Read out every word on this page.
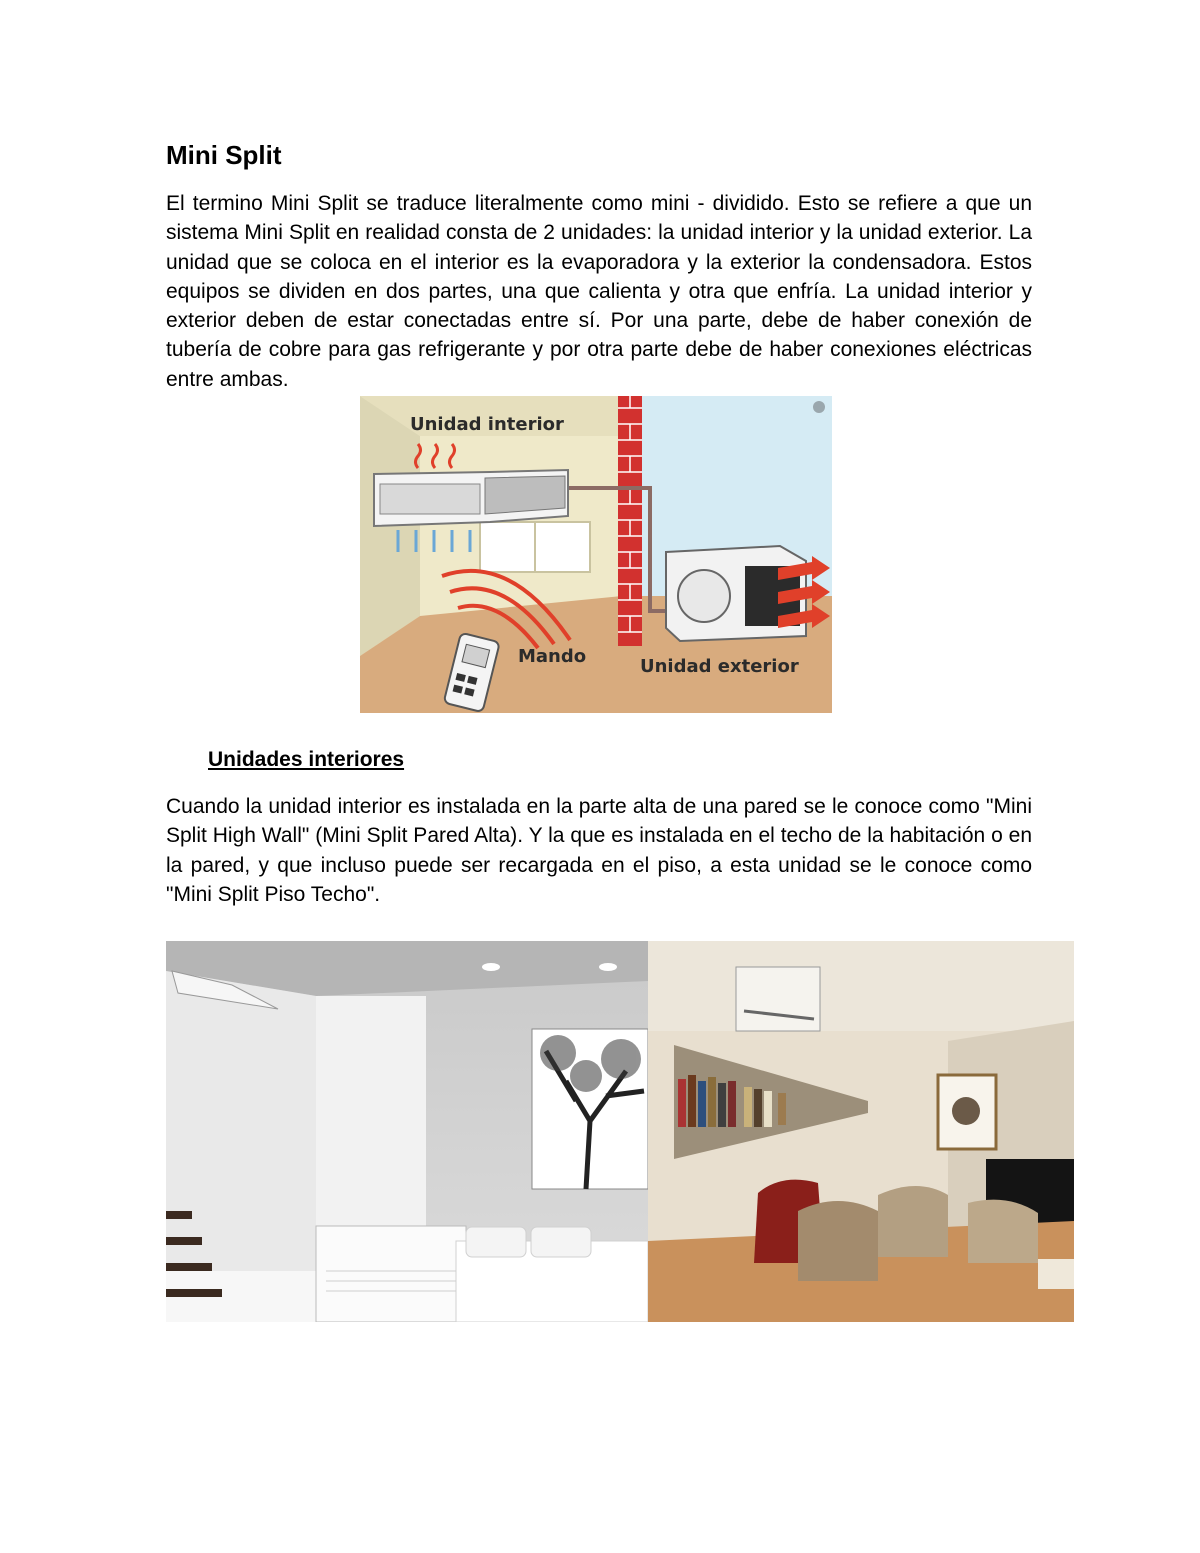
Mini Split

El termino Mini Split se traduce literalmente como mini - dividido. Esto se refiere a que un sistema Mini Split en realidad consta de 2 unidades: la unidad interior y la unidad exterior. La unidad que se coloca en el interior es la evaporadora y la exterior la condensadora. Estos equipos se dividen en dos partes, una que calienta y otra que enfría. La unidad interior y exterior deben de estar conectadas entre sí. Por una parte, debe de haber conexión de tubería de cobre para gas refrigerante y por otra parte debe de haber conexiones eléctricas entre ambas.

Unidad interior
Mando	Unidad exterior
Unidades interiores

Cuando la unidad interior es instalada en la parte alta de una pared se le conoce como "Mini Split High Wall" (Mini Split Pared Alta). Y la que es instalada en el techo de la habitación o en la pared, y que incluso puede ser recargada en el piso, a esta unidad se le conoce como "Mini Split Piso Techo".
